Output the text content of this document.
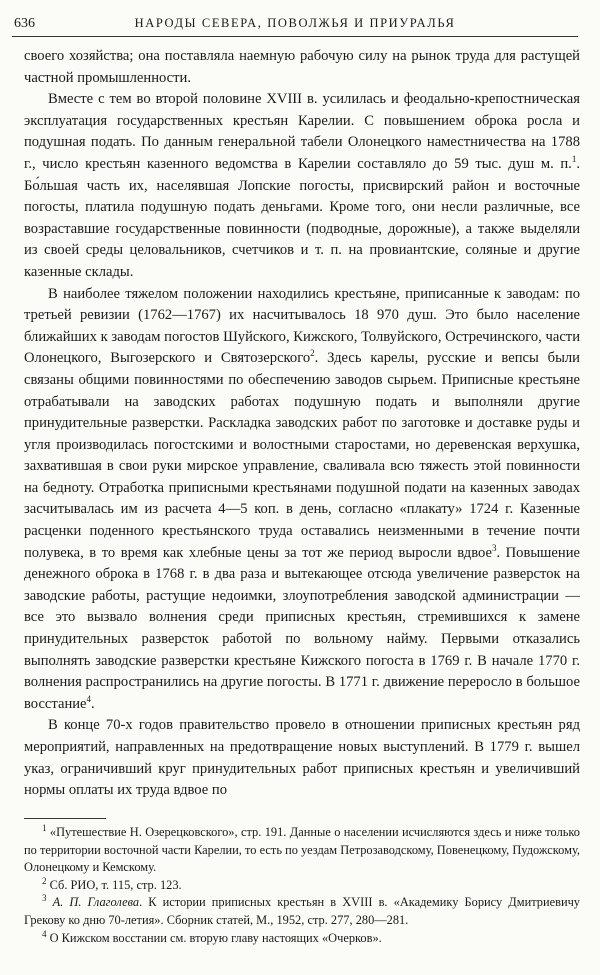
636	НАРОДЫ СЕВЕРА, ПОВОЛЖЬЯ И ПРИУРАЛЬЯ

своего хозяйства; она поставляла наемную рабочую силу на рынок труда для растущей частной промышленности.

Вместе с тем во второй половине XVIII в. усилилась и феодально-крепостническая эксплуатация государственных крестьян Карелии. С повышением оброка росла и подушная подать. По данным генеральной табели Олонецкого наместничества на 1788 г., число крестьян казенного ведомства в Карелии составляло до 59 тыс. душ м. п.$^1$. Бо́льшая часть их, населявшая Лопские погосты, присвирский район и восточные погосты, платила подушную подать деньгами. Кроме того, они несли различные, все возраставшие государственные повинности (подводные, дорожные), а также выделяли из своей среды целовальников, счетчиков и т. п. на провиантские, соляные и другие казенные склады.

В наиболее тяжелом положении находились крестьяне, приписанные к заводам: по третьей ревизии (1762—1767) их насчитывалось 18 970 душ. Это было население ближайших к заводам погостов Шуйского, Кижского, Толвуйского, Остречинского, части Олонецкого, Выгозерского и Святозерского$^2$. Здесь карелы, русские и вепсы были связаны общими повинностями по обеспечению заводов сырьем. Приписные крестьяне отрабатывали на заводских работах подушную подать и выполняли другие принудительные разверстки. Раскладка заводских работ по заготовке и доставке руды и угля производилась погостскими и волостными старостами, но деревенская верхушка, захватившая в свои руки мирское управление, сваливала всю тяжесть этой повинности на бедноту. Отработка приписными крестьянами подушной подати на казенных заводах засчитывалась им из расчета 4—5 коп. в день, согласно «плакату» 1724 г. Казенные расценки поденного крестьянского труда оставались неизменными в течение почти полувека, в то время как хлебные цены за тот же период выросли вдвое$^3$. Повышение денежного оброка в 1768 г. в два раза и вытекающее отсюда увеличение разверсток на заводские работы, растущие недоимки, злоупотребления заводской администрации — все это вызвало волнения среди приписных крестьян, стремившихся к замене принудительных разверсток работой по вольному найму. Первыми отказались выполнять заводские разверстки крестьяне Кижского погоста в 1769 г. В начале 1770 г. волнения распространились на другие погосты. В 1771 г. движение переросло в большое восстание$^4$.

В конце 70-х годов правительство провело в отношении приписных крестьян ряд мероприятий, направленных на предотвращение новых выступлений. В 1779 г. вышел указ, ограничивший круг принудительных работ приписных крестьян и увеличивший нормы оплаты их труда вдвое по

$^1$ «Путешествие Н. Озерецковского», стр. 191. Данные о населении исчисляются здесь и ниже только по территории восточной части Карелии, то есть по уездам Петрозаводскому, Повенецкому, Пудожскому, Олонецкому и Кемскому.

$^2$ Сб. РИО, т. 115, стр. 123.

$^3$ А. П. Глаголева. К истории приписных крестьян в XVIII в. «Академику Борису Дмитриевичу Грекову ко дню 70-летия». Сборник статей, М., 1952, стр. 277, 280—281.

$^4$ О Кижском восстании см. вторую главу настоящих «Очерков».
